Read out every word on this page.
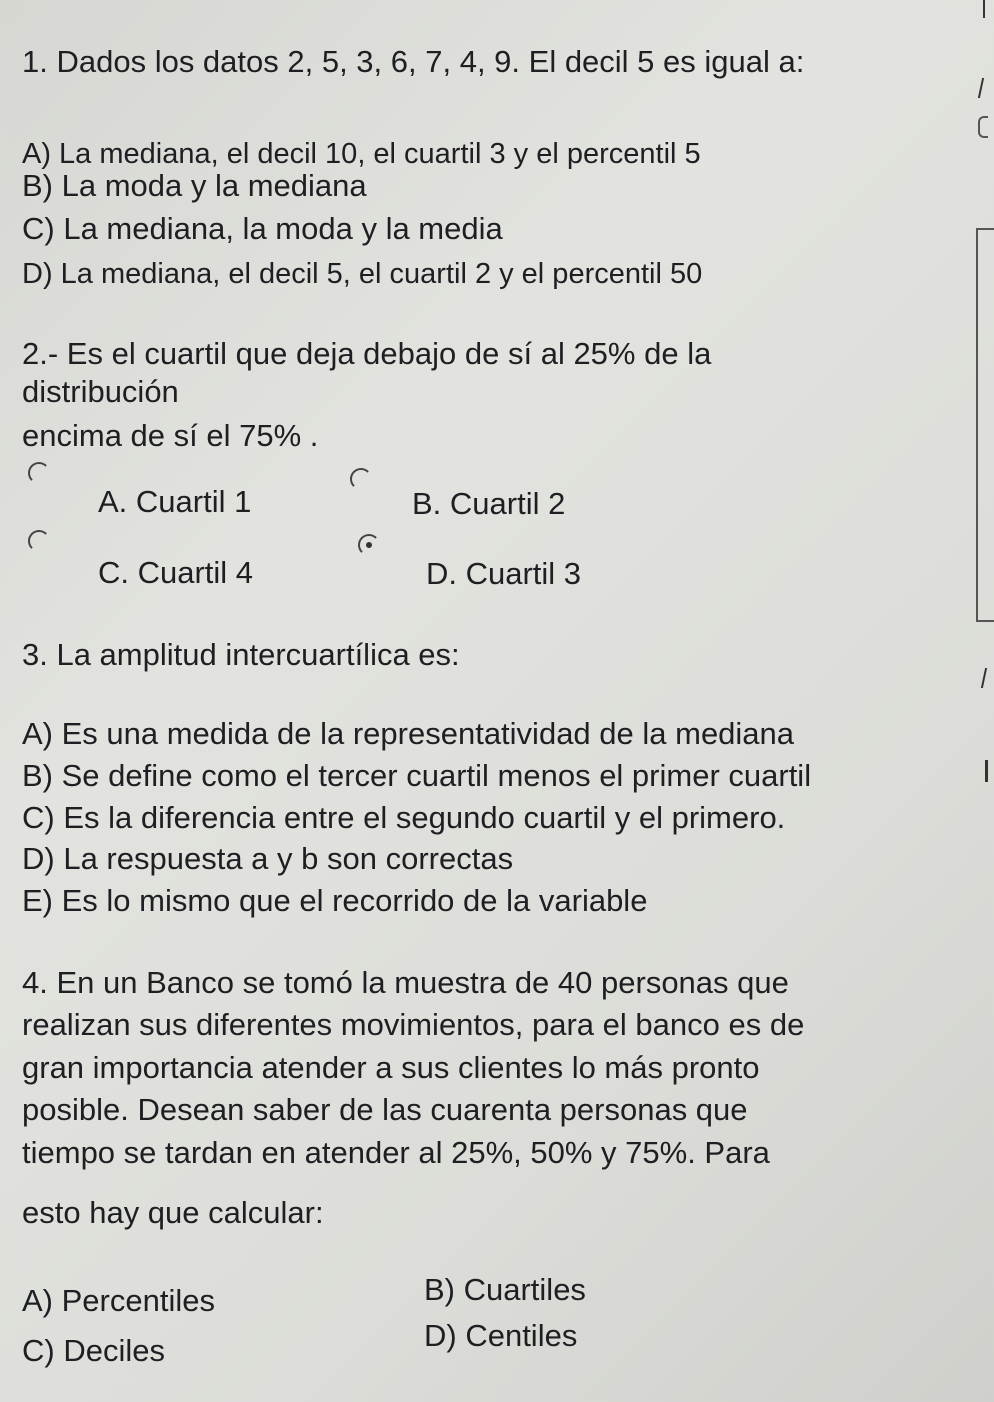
1. Dados los datos 2, 5, 3, 6, 7, 4, 9. El decil 5 es igual a:

A) La mediana, el decil 10, el cuartil 3 y el percentil 5

B) La moda y la mediana

C) La mediana, la moda y la media

D) La mediana, el decil 5, el cuartil 2 y el percentil 50

2.- Es el cuartil que deja debajo de sí al 25% de la

distribución

encima de sí el 75% .

A. Cuartil 1	B. Cuartil 2

C. Cuartil 4	D. Cuartil 3

3. La amplitud intercuartílica es:

A) Es una medida de la representatividad de la mediana

B) Se define como el tercer cuartil menos el primer cuartil

C) Es la diferencia entre el segundo cuartil y el primero.

D) La respuesta a y b son correctas

E) Es lo mismo que el recorrido de la variable

4. En un Banco se tomó la muestra de 40 personas que

realizan sus diferentes movimientos, para el banco es de

gran importancia atender a sus clientes lo más pronto

posible. Desean saber de las cuarenta personas que

tiempo se tardan en atender al 25%, 50% y 75%. Para

esto hay que calcular:

A) Percentiles	B) Cuartiles

C) Deciles	D) Centiles
